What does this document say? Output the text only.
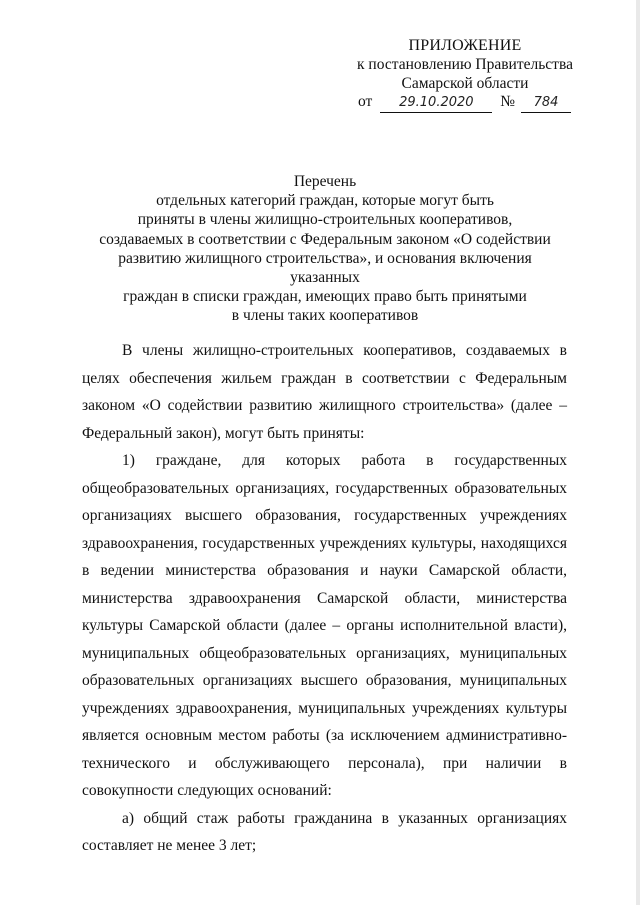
ПРИЛОЖЕНИЕ
к постановлению Правительства
Самарской области
от 29.10.2020 № 784
Перечень
отдельных категорий граждан, которые могут быть
приняты в члены жилищно-строительных кооперативов,
создаваемых в соответствии с Федеральным законом «О содействии
развитию жилищного строительства», и основания включения указанных
граждан в списки граждан, имеющих право быть принятыми
в члены таких кооперативов

В члены жилищно-строительных кооперативов, создаваемых в целях обеспечения жильем граждан в соответствии с Федеральным законом «О содействии развитию жилищного строительства» (далее – Федеральный закон), могут быть приняты:

1) граждане, для которых работа в государственных общеобразовательных организациях, государственных образовательных организациях высшего образования, государственных учреждениях здравоохранения, государственных учреждениях культуры, находящихся в ведении министерства образования и науки Самарской области, министерства здравоохранения Самарской области, министерства культуры Самарской области (далее – органы исполнительной власти), муниципальных общеобразовательных организациях, муниципальных образовательных организациях высшего образования, муниципальных учреждениях здравоохранения, муниципальных учреждениях культуры является основным местом работы (за исключением административно-технического и обслуживающего персонала), при наличии в совокупности следующих оснований:

а) общий стаж работы гражданина в указанных организациях составляет не менее 3 лет;
